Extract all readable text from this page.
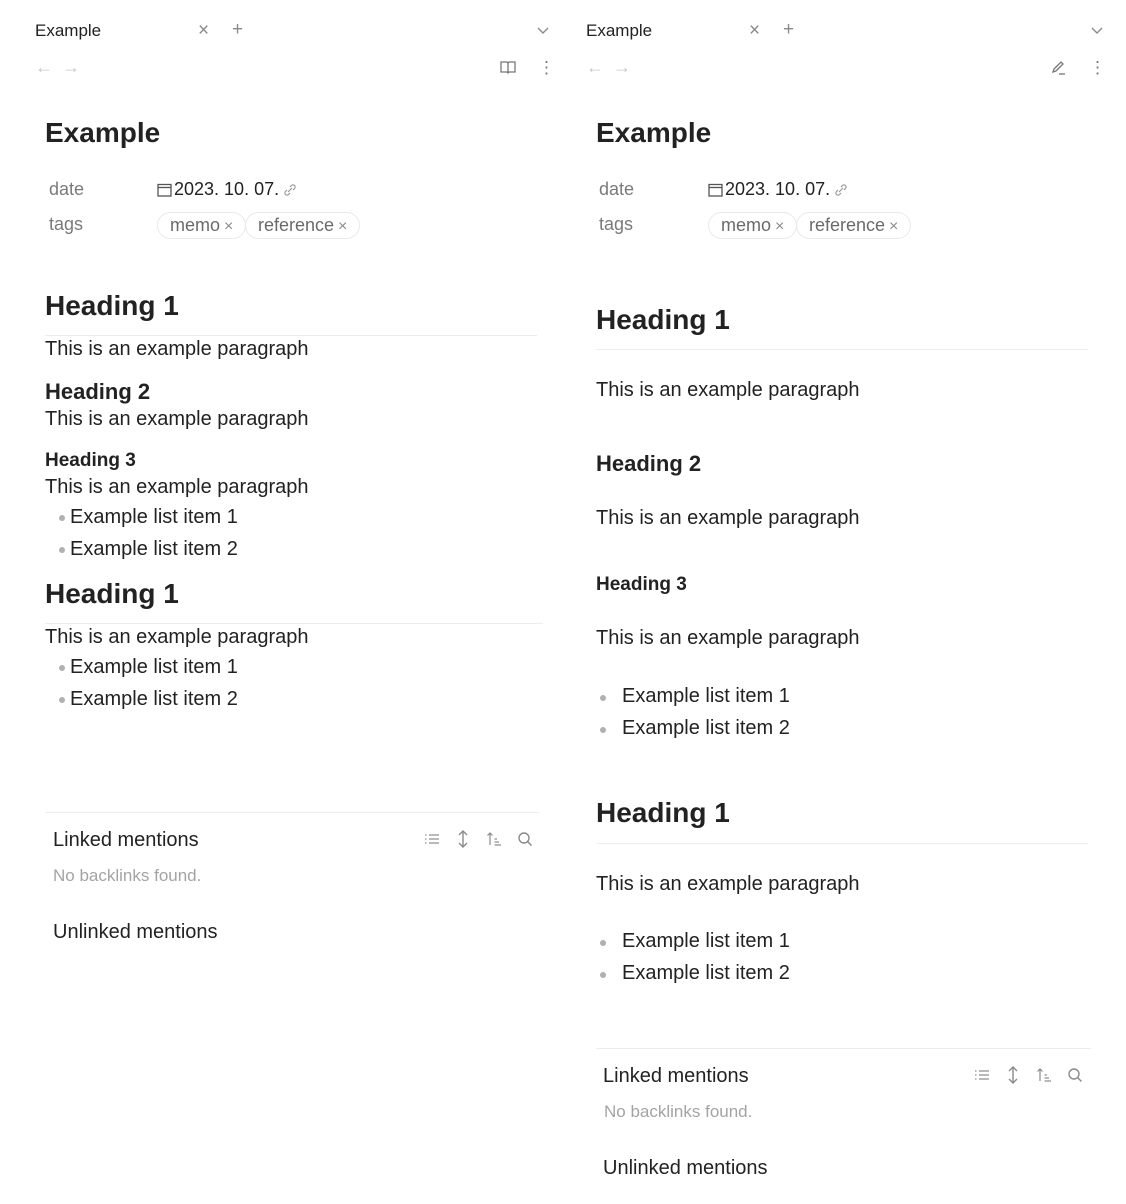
Example	× +
← →	⋮
Example
date	2023. 10. 07.
tags	memo ×	reference ×
Heading 1
This is an example paragraph
Heading 2
This is an example paragraph
Heading 3
This is an example paragraph
Example list item 1
Example list item 2
Heading 1
This is an example paragraph
Example list item 1
Example list item 2
Linked mentions
No backlinks found.
Unlinked mentions
Example	× +
← →	⋮
Example
date	2023. 10. 07.
tags	memo ×	reference ×
Heading 1
This is an example paragraph
Heading 2
This is an example paragraph
Heading 3
This is an example paragraph
Example list item 1
Example list item 2
Heading 1
This is an example paragraph
Example list item 1
Example list item 2
Linked mentions
No backlinks found.
Unlinked mentions
